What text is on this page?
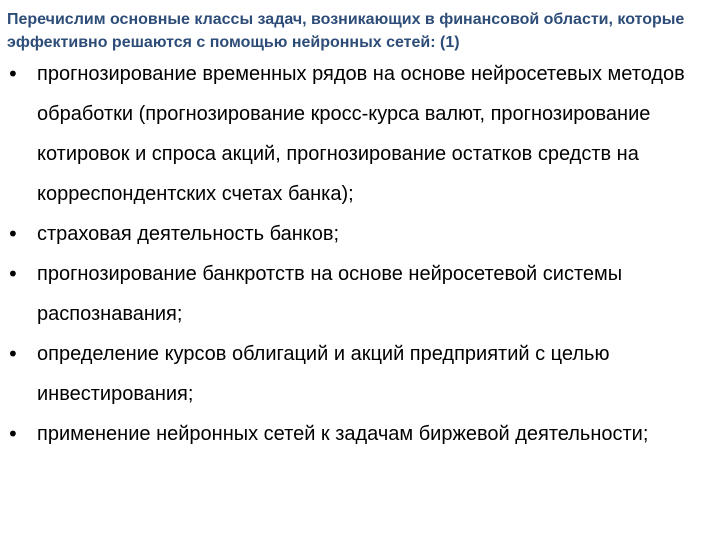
• прогнозирование временных рядов на основе нейросетевых методов обработки (прогнозирование кросс-курса валют, прогнозирование котировок и спроса акций, прогнозирование остатков средств на корреспондентских счетах банка);
• страховая деятельность банков;
• прогнозирование банкротств на основе нейросетевой системы распознавания;
• определение курсов облигаций и акций предприятий с целью инвестирования;
• применение нейронных сетей к задачам биржевой деятельности;
Перечислим основные классы задач, возникающих в финансовой области, которые эффективно решаются с помощью нейронных сетей: (1)
